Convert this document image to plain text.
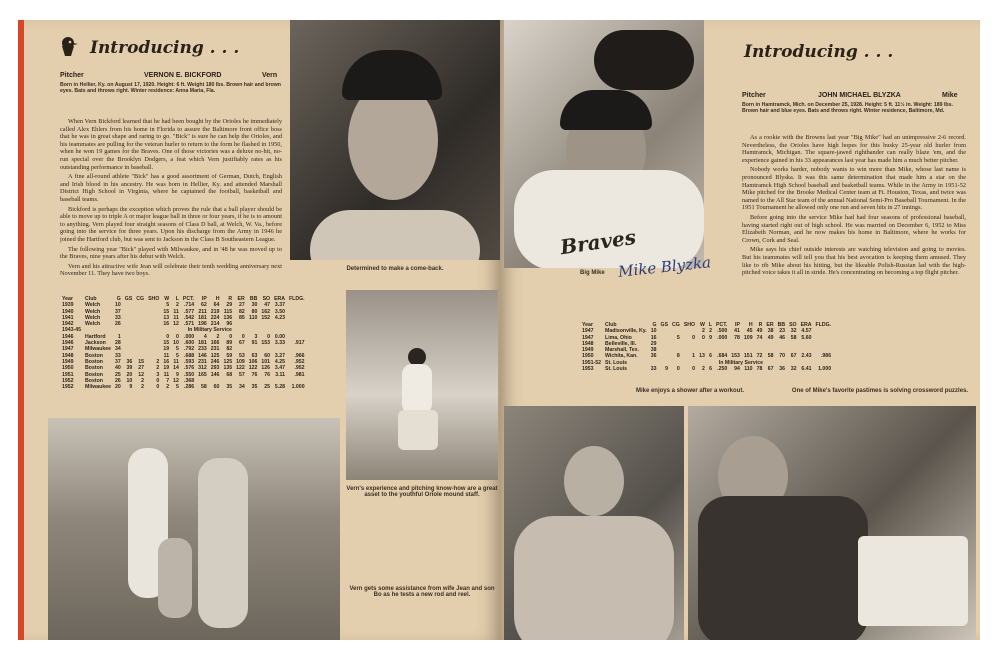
Introducing . . .
Pitcher	VERNON E. BICKFORD	Vern
Born in Hellier, Ky. on August 17, 1920. Height: 6 ft. Weight 180 lbs. Brown hair and brown eyes. Bats and throws right. Winter residence: Anna Maria, Fla.

When Vern Bickford learned that he had been bought by the Orioles he immediately called Alex Ehlers from his home in Florida to assure the Baltimore front office boss that he was in great shape and raring to go. "Bick" is sure he can help the Orioles, and his teammates are pulling for the veteran hurler to return to the form he flashed in 1950, when he won 19 games for the Braves. One of those victories was a deluxe no-hit, no-run special over the Brooklyn Dodgers, a feat which Vern justifiably rates as his outstanding performance in baseball.

A fine all-round athlete "Bick" has a good assortment of German, Dutch, English and Irish blood in his ancestry. He was born in Hellier, Ky. and attended Marshall District High School in Virginia, where he captained the football, basketball and baseball teams.

Bickford is perhaps the exception which proves the rule that a ball player should be able to move up to triple A or major league ball in three or four years, if he is to amount to anything. Vern played four straight seasons of Class D ball, at Welch, W. Va., before going into the service for three years. Upon his discharge from the Army in 1946 he joined the Hartford club, but was sent to Jackson in the Class B Southeastern League.

The following year "Bick" played with Milwaukee, and in '48 he was moved up to the Braves, nine years after his debut with Welch.

Vern and his attractive wife Jean will celebrate their tenth wedding anniversary next November 11. They have two boys.

Determined to make a come-back.
Year	Club	G	GS	CG	SHO	W	L	PCT.	IP	H	R	ER	BB	SO	ERA	FLDG.
1939	Welch	10				5	2	.714	62	64	29	27	30	47	3.37	
1940	Welch	37				15	11	.577	211	219	115	82	80	162	3.50	
1941	Welch	33				13	11	.542	181	224	136	85	110	152	4.23	
1942	Welch	26				16	12	.571	196	214	96					
1943-45		In Military Service														
1946	Hartford	1				0	0	.000	4	2	0	0	3	0	0.00	
1946	Jackson	28				15	10	.600	181	166	89	67	91	153	3.33	.917
1947	Milwaukee	34				19	5	.792	233	231	82					
1948	Boston	33				11	5	.688	146	125	59	53	63	60	3.27	.966
1949	Boston	37	36	15	2	16	11	.593	231	246	125	109	106	101	4.25	.952
1950	Boston	40	39	27	2	19	14	.576	312	293	135	122	122	126	3.47	.952
1951	Boston	25	20	12	3	11	9	.550	165	146	68	57	76	76	3.11	.981
1952	Boston	26	10	2	0	7	12	.368								
1952	Milwaukee	20	9	2	0	2	5	.286	58	60	35	34	35	25	5.28	1.000
Vern's experience and pitching know-how are a great asset to the youthful Oriole mound staff.
Vern gets some assistance from wife Jean and son Bo as he tests a new rod and reel.
Braves
Big Mike Mike Blyzka
Introducing . . .
Pitcher	JOHN MICHAEL BLYZKA	Mike
Born in Hamtramck, Mich. on December 25, 1928. Height: 5 ft. 11½ in. Weight: 189 lbs. Brown hair and blue eyes. Bats and throws right. Winter residence, Baltimore, Md.

As a rookie with the Browns last year "Big Mike" had an unimpressive 2-6 record. Nevertheless, the Orioles have high hopes for this husky 25-year old hurler from Hamtramck, Michigan. The square-jawed righthander can really blaze 'em, and the experience gained in his 33 appearances last year has made him a much better pitcher.

Nobody works harder, nobody wants to win more than Mike, whose last name is pronounced Blyska. It was this same determination that made him a star on the Hamtramck High School baseball and basketball teams. While in the Army in 1951-52 Mike pitched for the Brooke Medical Center team at Ft. Houston, Texas, and twice was named to the All Star team of the annual National Semi-Pro Baseball Tournament. In the 1951 Tournament he allowed only one run and seven hits in 27 innings.

Before going into the service Mike had had four seasons of professional baseball, having started right out of high school. He was married on December 6, 1952 to Miss Elizabeth Norman, and he now makes his home in Baltimore, where he works for Crown, Cork and Seal.

Mike says his chief outside interests are watching television and going to movies. But his teammates will tell you that his best avocation is keeping them amused. They like to rib Mike about his hitting, but the likeable Polish-Russian lad with the high-pitched voice takes it all in stride. He's concentrating on becoming a top flight pitcher.

Year	Club	G	GS	CG	SHO	W	L	PCT.	IP	H	R	ER	BB	SO	ERA	FLDG.
1947	Madisonville, Ky.	10				2	2	.500	41	45	49	38	23	32	4.57	
1947	Lima, Ohio	16		5	0	0	9	.000	78	109	74	49	46	58	5.60	
1948	Belleville, Ill.	29														
1949	Marshall, Tex.	38														
1950	Wichita, Kan.	36		8	1	13	6	.684	153	151	72	58	70	67	2.43	.986
1951-52	St. Louis	In Military Service														
1953	St. Louis	33	9	0	0	2	6	.250	94	110	78	67	36	32	6.41	1.000
Mike enjoys a shower after a workout.	One of Mike's favorite pastimes is solving crossword puzzles.
